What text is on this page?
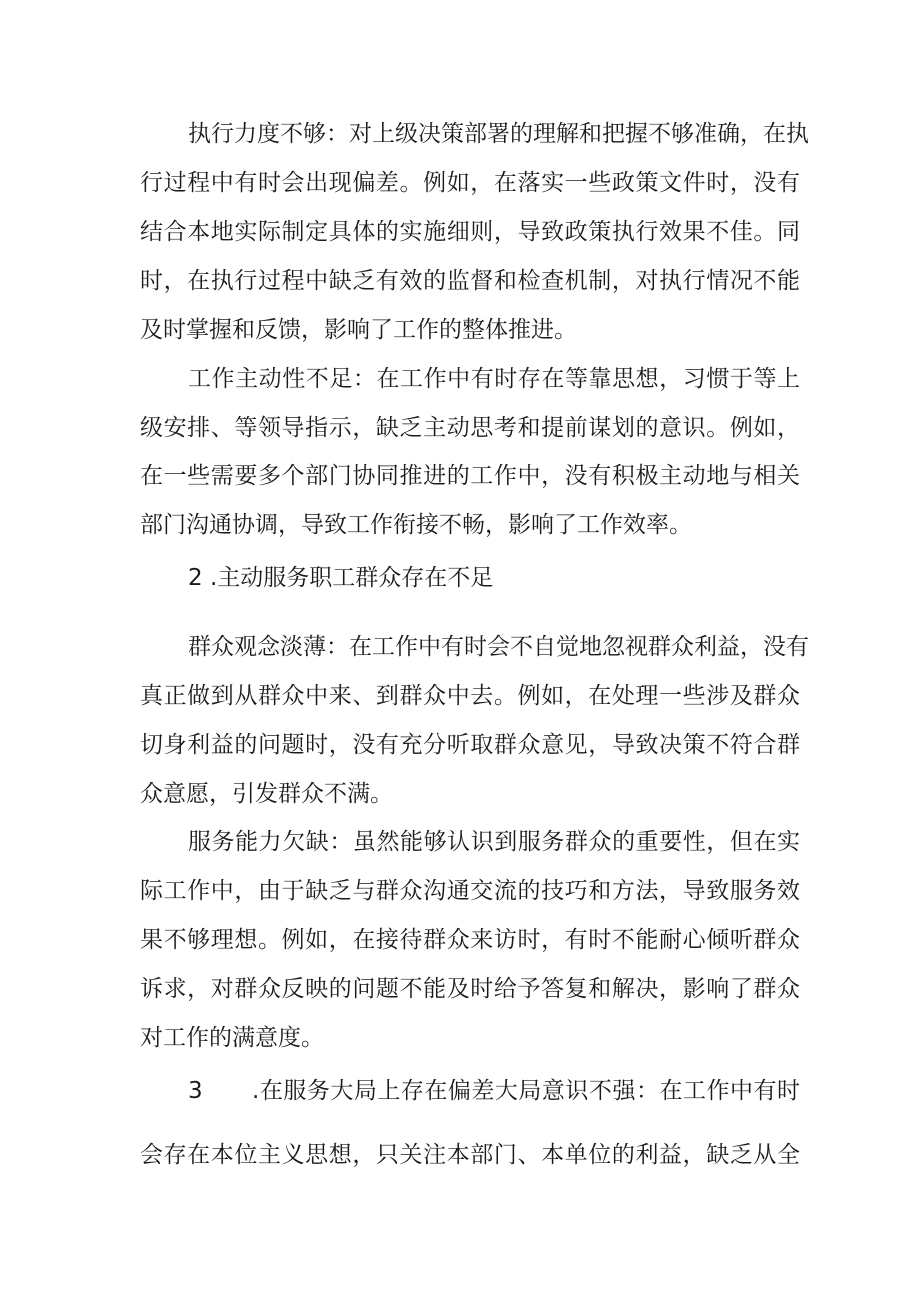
执行力度不够：对上级决策部署的理解和把握不够准确，在执
行过程中有时会出现偏差。例如，在落实一些政策文件时，没有
结合本地实际制定具体的实施细则，导致政策执行效果不佳。同
时，在执行过程中缺乏有效的监督和检查机制，对执行情况不能
及时掌握和反馈，影响了工作的整体推进。
工作主动性不足：在工作中有时存在等靠思想，习惯于等上
级安排、等领导指示，缺乏主动思考和提前谋划的意识。例如，
在一些需要多个部门协同推进的工作中，没有积极主动地与相关
部门沟通协调，导致工作衔接不畅，影响了工作效率。
2 .主动服务职工群众存在不足
群众观念淡薄：在工作中有时会不自觉地忽视群众利益，没有
真正做到从群众中来、到群众中去。例如，在处理一些涉及群众
切身利益的问题时，没有充分听取群众意见，导致决策不符合群
众意愿，引发群众不满。
服务能力欠缺：虽然能够认识到服务群众的重要性，但在实
际工作中，由于缺乏与群众沟通交流的技巧和方法，导致服务效
果不够理想。例如，在接待群众来访时，有时不能耐心倾听群众
诉求，对群众反映的问题不能及时给予答复和解决，影响了群众
对工作的满意度。
3 .在服务大局上存在偏差大局意识不强：在工作中有时
会存在本位主义思想，只关注本部门、本单位的利益，缺乏从全
